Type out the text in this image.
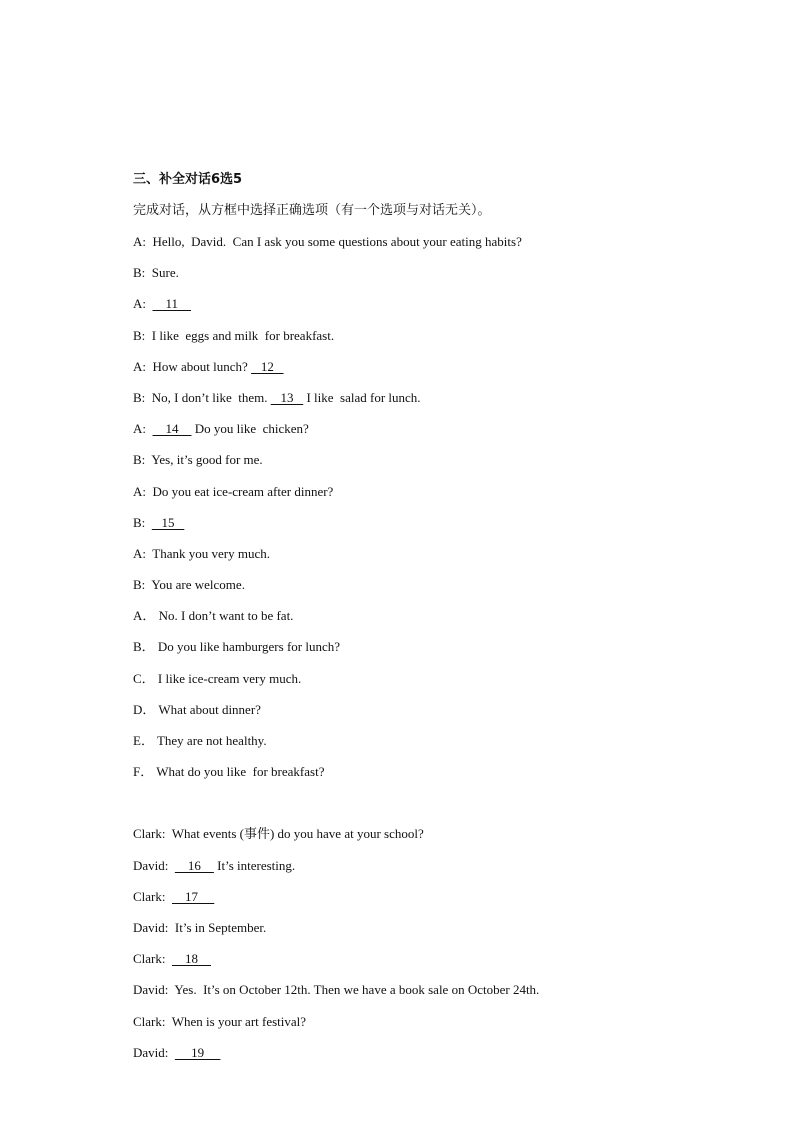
三、补全对话6选5
完成对话，从方框中选择正确选项（有一个选项与对话无关）。
A:  Hello,  David.  Can I ask you some questions about your eating habits?
B:  Sure.
A:      11
B:  I like  eggs and milk  for breakfast.
A:  How about lunch?    12
B:  No, I don’t like  them.    13    I like  salad for lunch.
A:      14     Do you like  chicken?
B:  Yes, it’s good for me.
A:  Do you eat ice-cream after dinner?
B:     15
A:  Thank you very much.
B:  You are welcome.
A． No. I don’t want to be fat.
B． Do you like hamburgers for lunch?
C． I like ice-cream very much.
D． What about dinner?
E． They are not healthy.
F． What do you like  for breakfast?
Clark:  What events (事件) do you have at your school?
David:      16     It’s interesting.
Clark:      17
David:  It’s in September.
Clark:      18
David:  Yes.  It’s on October 12th. Then we have a book sale on October 24th.
Clark:  When is your art festival?
David:       19
